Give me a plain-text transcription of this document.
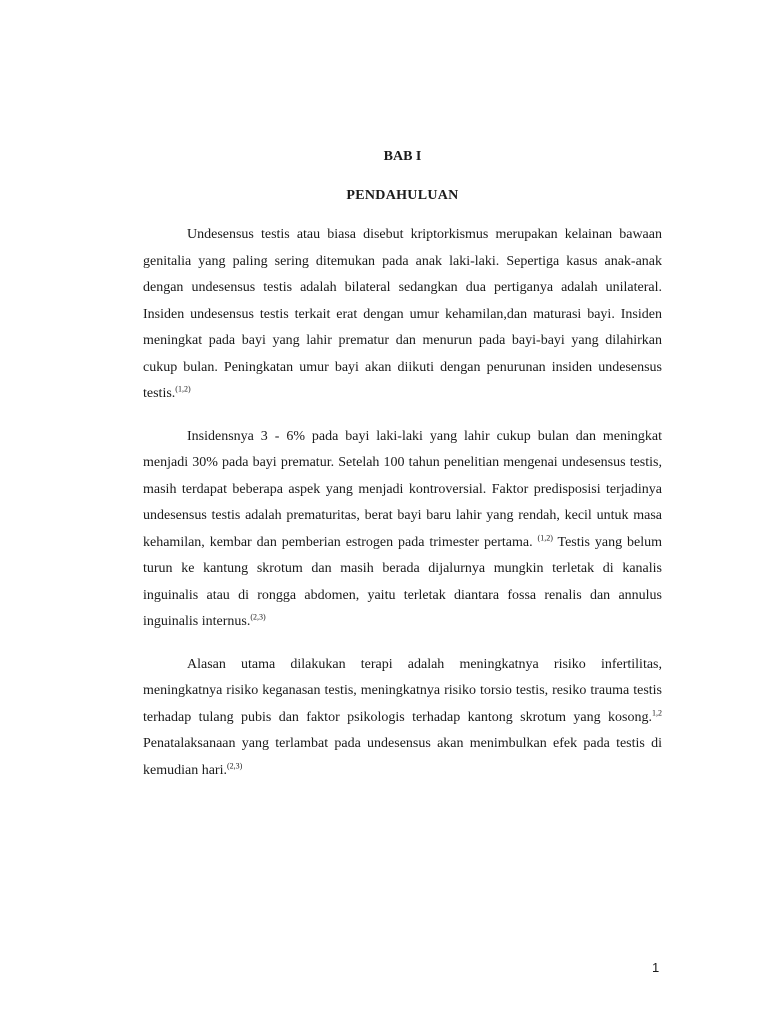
BAB I

PENDAHULUAN

Undesensus testis atau biasa disebut kriptorkismus merupakan kelainan bawaan genitalia yang paling sering ditemukan pada anak laki-laki. Sepertiga kasus anak-anak dengan undesensus testis adalah bilateral sedangkan dua pertiganya adalah unilateral. Insiden undesensus testis terkait erat dengan umur kehamilan,dan maturasi bayi. Insiden meningkat pada bayi yang lahir prematur dan menurun pada bayi-bayi yang dilahirkan cukup bulan. Peningkatan umur bayi akan diikuti dengan penurunan insiden undesensus testis.$^{(1,2)}$

Insidensnya 3 - 6% pada bayi laki-laki yang lahir cukup bulan dan meningkat menjadi 30% pada bayi prematur. Setelah 100 tahun penelitian mengenai undesensus testis, masih terdapat beberapa aspek yang menjadi kontroversial. Faktor predisposisi terjadinya undesensus testis adalah prematuritas, berat bayi baru lahir yang rendah, kecil untuk masa kehamilan, kembar dan pemberian estrogen pada trimester pertama. $^{(1,2)}$ Testis yang belum turun ke kantung skrotum dan masih berada dijalurnya mungkin terletak di kanalis inguinalis atau di rongga abdomen, yaitu terletak diantara fossa renalis dan annulus inguinalis internus.$^{(2,3)}$

Alasan utama dilakukan terapi adalah meningkatnya risiko infertilitas, meningkatnya risiko keganasan testis, meningkatnya risiko torsio testis, resiko trauma testis terhadap tulang pubis dan faktor psikologis terhadap kantong skrotum yang kosong.$^{1,2}$ Penatalaksanaan yang terlambat pada undesensus akan menimbulkan efek pada testis di kemudian hari.$^{(2,3)}$

1
